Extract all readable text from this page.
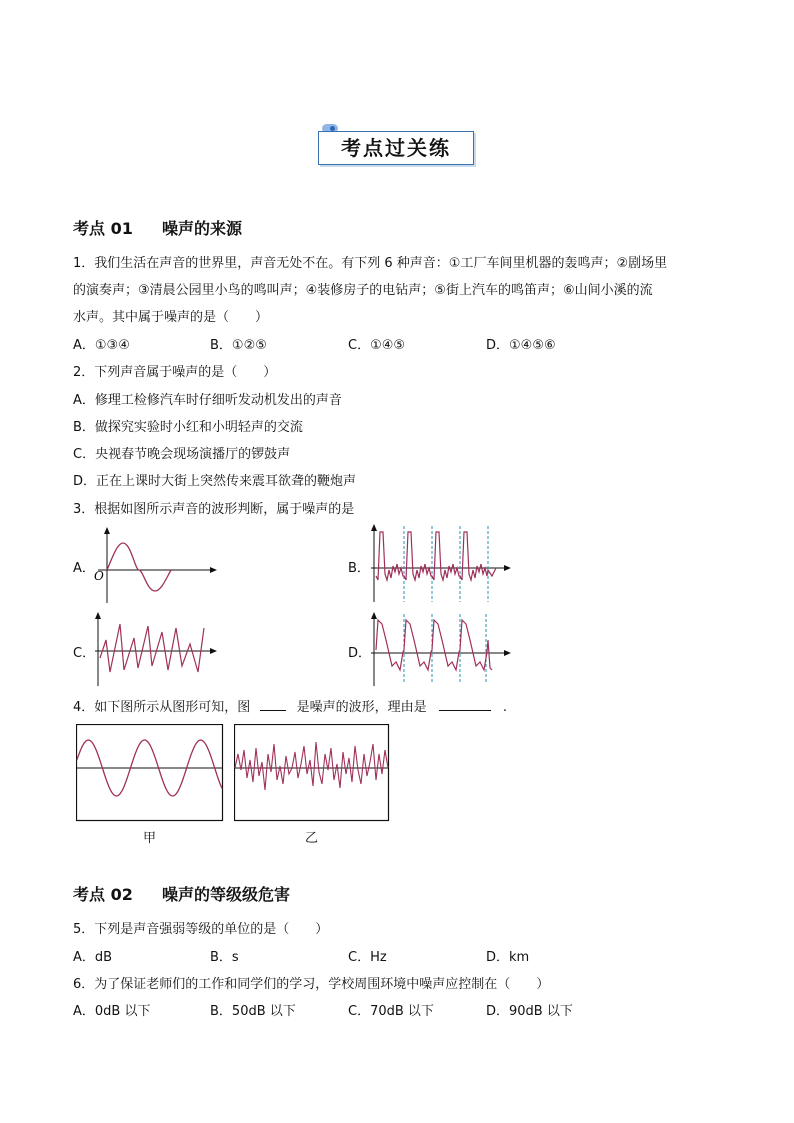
考点过关练
考点 01 噪声的来源
1．我们生活在声音的世界里，声音无处不在。有下列 6 种声音：①工厂车间里机器的轰鸣声；②剧场里
的演奏声；③清晨公园里小鸟的鸣叫声；④装修房子的电钻声；⑤街上汽车的鸣笛声；⑥山间小溪的流
水声。其中属于噪声的是（　　）
A．①③④	B．①②⑤	C．①④⑤	D．①④⑤⑥
2．下列声音属于噪声的是（　　）
A．修理工检修汽车时仔细听发动机发出的声音
B．做探究实验时小红和小明轻声的交流
C．央视春节晚会现场演播厅的锣鼓声
D．正在上课时大街上突然传来震耳欲聋的鞭炮声
3．根据如图所示声音的波形判断，属于噪声的是
A．	B．
C．	D．
O
4．如下图所示从图形可知，图	是噪声的波形，理由是	.
甲	乙
考点 02 噪声的等级级危害
5．下列是声音强弱等级的单位的是（　　）
A．dB	B．s	C．Hz	D．km
6．为了保证老师们的工作和同学们的学习，学校周围环境中噪声应控制在（　　）
A．0dB 以下	B．50dB 以下	C．70dB 以下	D．90dB 以下
